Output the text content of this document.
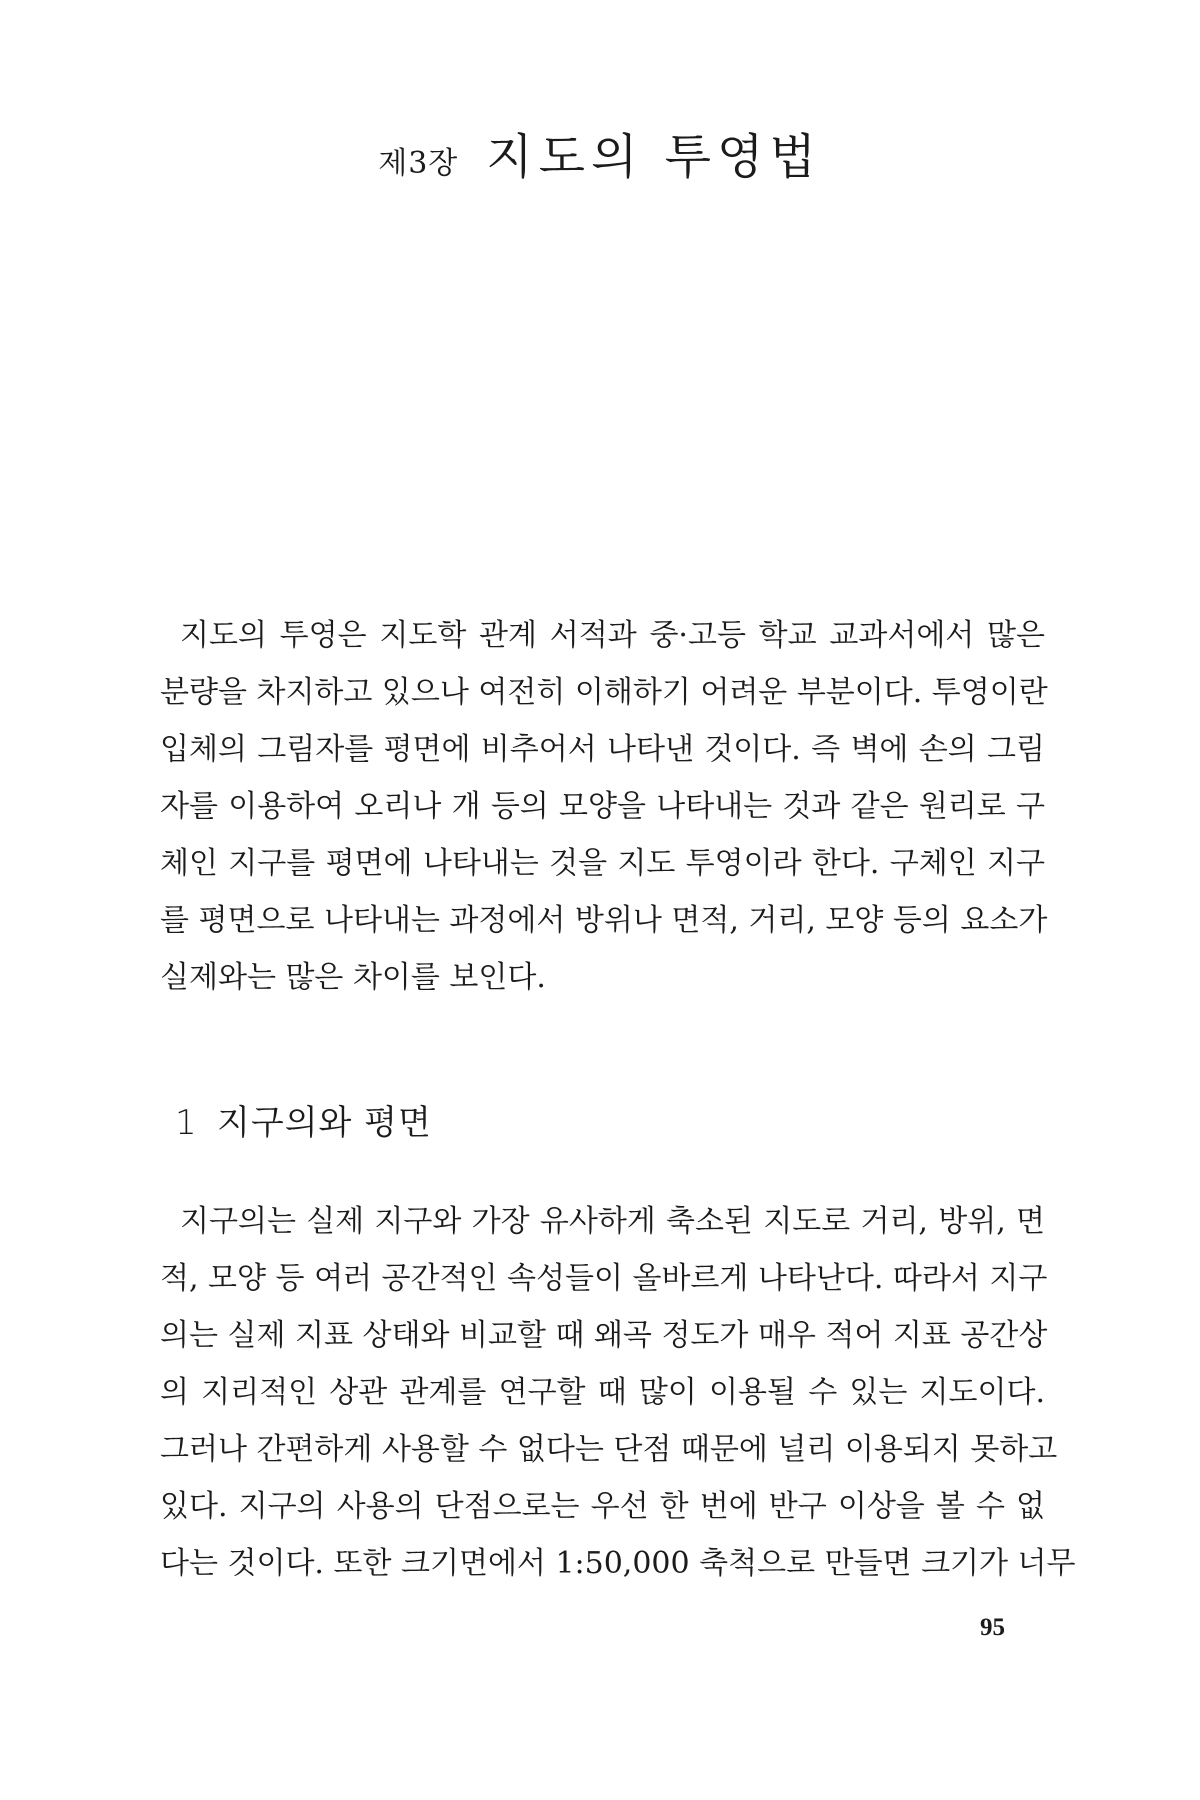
제3장 지도의 투영법
지도의 투영은 지도학 관계 서적과 중·고등 학교 교과서에서 많은
분량을 차지하고 있으나 여전히 이해하기 어려운 부분이다. 투영이란
입체의 그림자를 평면에 비추어서 나타낸 것이다. 즉 벽에 손의 그림
자를 이용하여 오리나 개 등의 모양을 나타내는 것과 같은 원리로 구
체인 지구를 평면에 나타내는 것을 지도 투영이라 한다. 구체인 지구
를 평면으로 나타내는 과정에서 방위나 면적, 거리, 모양 등의 요소가
실제와는 많은 차이를 보인다.
1 지구의와 평면
지구의는 실제 지구와 가장 유사하게 축소된 지도로 거리, 방위, 면
적, 모양 등 여러 공간적인 속성들이 올바르게 나타난다. 따라서 지구
의는 실제 지표 상태와 비교할 때 왜곡 정도가 매우 적어 지표 공간상
의 지리적인 상관 관계를 연구할 때 많이 이용될 수 있는 지도이다.
그러나 간편하게 사용할 수 없다는 단점 때문에 널리 이용되지 못하고
있다. 지구의 사용의 단점으로는 우선 한 번에 반구 이상을 볼 수 없
다는 것이다. 또한 크기면에서 1:50,000 축척으로 만들면 크기가 너무
95
